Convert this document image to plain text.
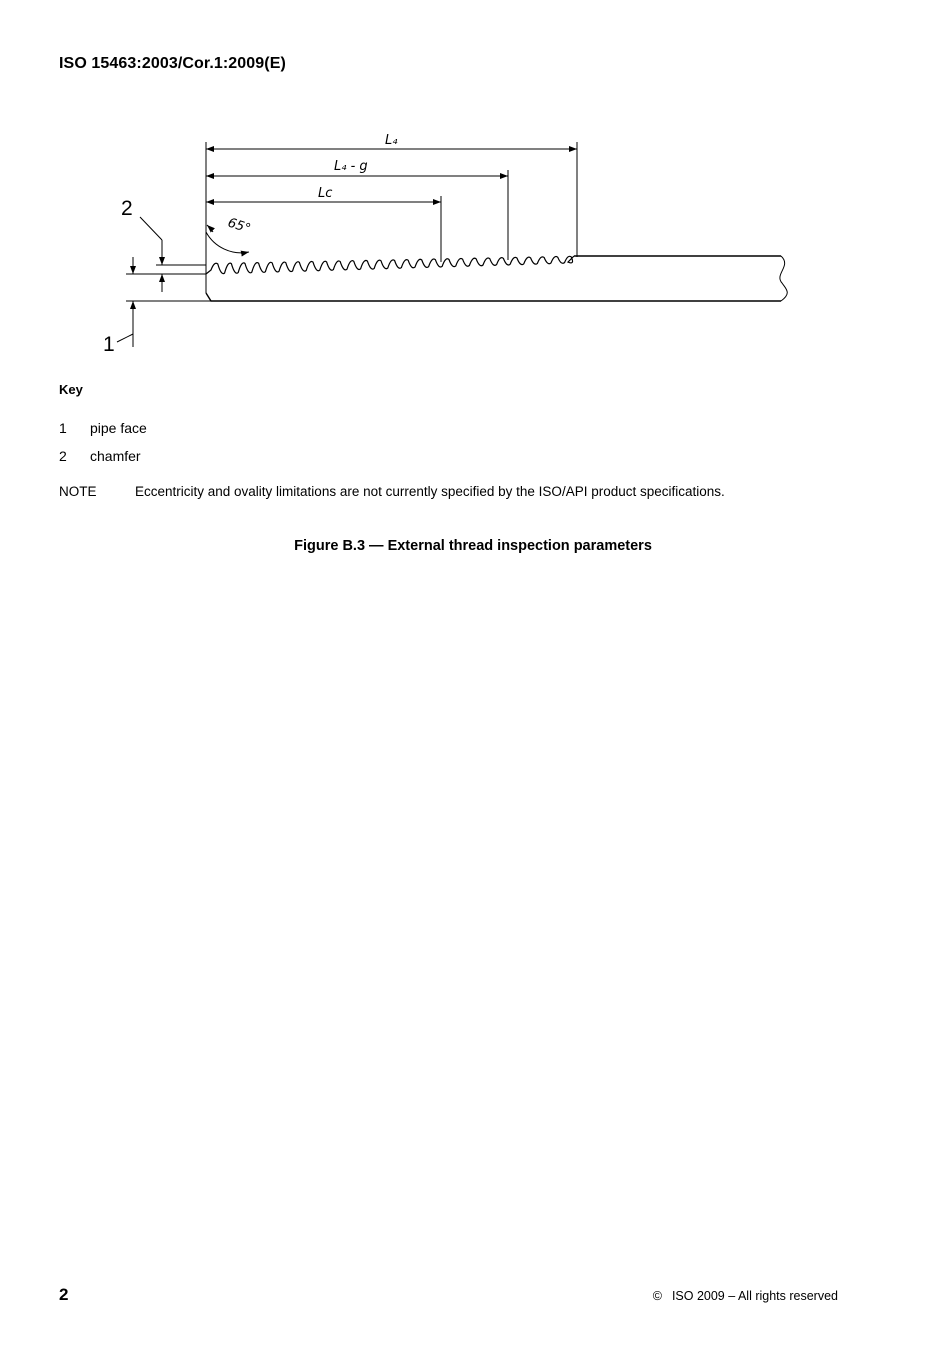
ISO 15463:2003/Cor.1:2009(E)
L₄
L₄ - g
Lc
65°
2
1
Key
1 pipe face
2 chamfer
NOTE	Eccentricity and ovality limitations are not currently specified by the ISO/API product specifications.
Figure B.3 — External thread inspection parameters
2	© ISO 2009 – All rights reserved
